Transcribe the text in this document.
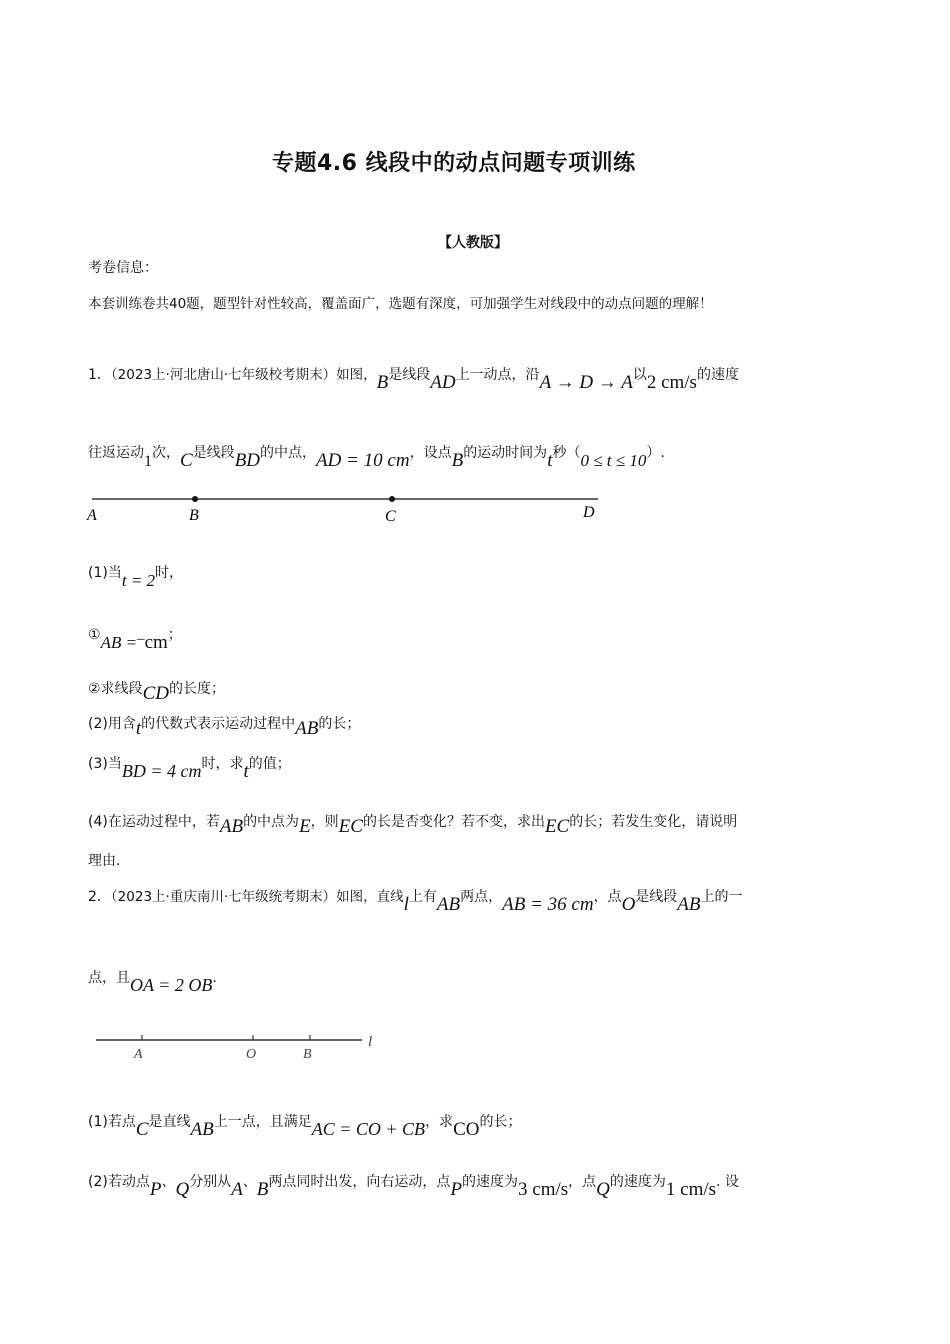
专题4.6 线段中的动点问题专项训练
【人教版】
考卷信息：
本套训练卷共40题，题型针对性较高，覆盖面广，选题有深度，可加强学生对线段中的动点问题的理解！
1．（2023上·河北唐山·七年级校考期末）如图，B是线段AD上一动点，沿A → D → A以2 cm/s的速度
往返运动1次，C是线段BD的中点，AD = 10 cm，设点B的运动时间为t秒（0 ≤ t ≤ 10）.
A	B	C	D
(1)当t = 2时，
①AB =_cm；
②求线段CD的长度；
(2)用含t的代数式表示运动过程中AB的长；
(3)当BD = 4 cm时，求t的值；
(4)在运动过程中，若AB的中点为E，则EC的长是否变化？若不变，求出EC的长；若发生变化，请说明
理由.
2．（2023上·重庆南川·七年级统考期末）如图，直线l上有AB两点，AB = 36 cm，点O是线段AB上的一
点，且OA = 2 OB.
A	O	B
l
(1)若点C是直线AB上一点，且满足AC = CO + CB，求CO的长；
(2)若动点P、Q分别从A、B两点同时出发，向右运动，点P的速度为3 cm/s，点Q的速度为1 cm/s. 设
